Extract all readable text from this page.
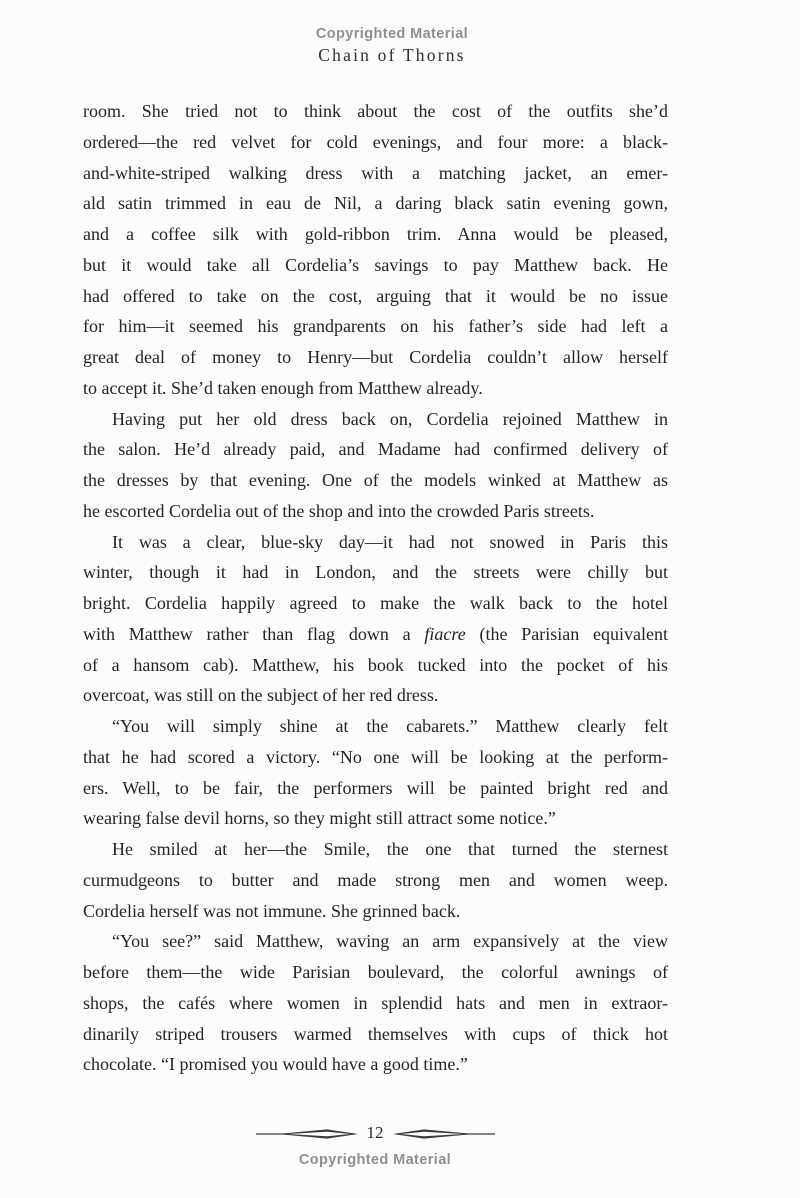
Copyrighted Material
Chain of Thorns
room. She tried not to think about the cost of the outfits she’d
ordered—the red velvet for cold evenings, and four more: a black-
and-white-striped walking dress with a matching jacket, an emer-
ald satin trimmed in eau de Nil, a daring black satin evening gown,
and a coffee silk with gold-ribbon trim. Anna would be pleased,
but it would take all Cordelia’s savings to pay Matthew back. He
had offered to take on the cost, arguing that it would be no issue
for him—it seemed his grandparents on his father’s side had left a
great deal of money to Henry—but Cordelia couldn’t allow herself
to accept it. She’d taken enough from Matthew already.
Having put her old dress back on, Cordelia rejoined Matthew in
the salon. He’d already paid, and Madame had confirmed delivery of
the dresses by that evening. One of the models winked at Matthew as
he escorted Cordelia out of the shop and into the crowded Paris streets.
It was a clear, blue-sky day—it had not snowed in Paris this
winter, though it had in London, and the streets were chilly but
bright. Cordelia happily agreed to make the walk back to the hotel
with Matthew rather than flag down a fiacre (the Parisian equivalent
of a hansom cab). Matthew, his book tucked into the pocket of his
overcoat, was still on the subject of her red dress.
“You will simply shine at the cabarets.” Matthew clearly felt
that he had scored a victory. “No one will be looking at the perform-
ers. Well, to be fair, the performers will be painted bright red and
wearing false devil horns, so they might still attract some notice.”
He smiled at her—the Smile, the one that turned the sternest
curmudgeons to butter and made strong men and women weep.
Cordelia herself was not immune. She grinned back.
“You see?” said Matthew, waving an arm expansively at the view
before them—the wide Parisian boulevard, the colorful awnings of
shops, the cafés where women in splendid hats and men in extraor-
dinarily striped trousers warmed themselves with cups of thick hot
chocolate. “I promised you would have a good time.”
12
Copyrighted Material
